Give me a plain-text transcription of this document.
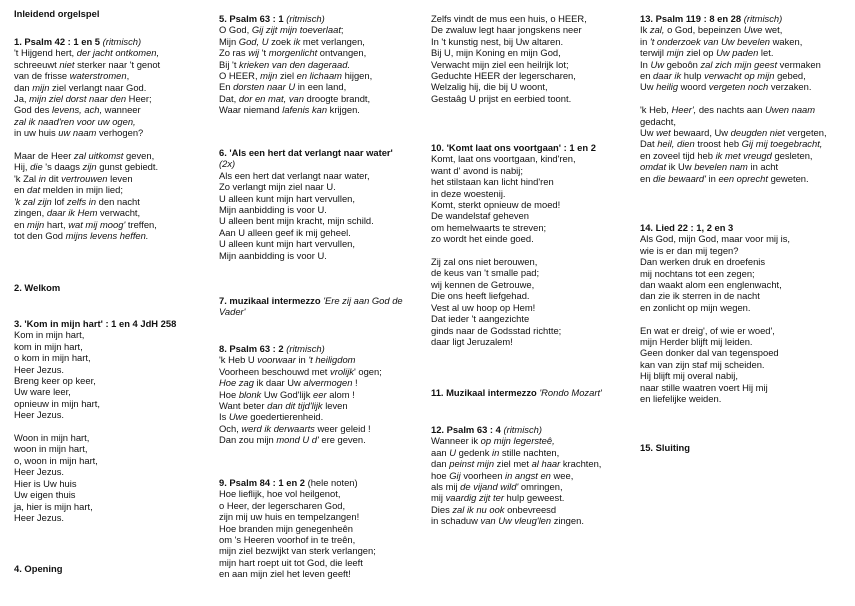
Inleidend orgelspel
1. Psalm 42 : 1 en 5 (ritmisch)
't Hijgend hert, der jacht ontkomen,
schreeuwt niet sterker naar 't genot
van de frisse waterstromen,
dan mijn ziel verlangt naar God.
Ja, mijn ziel dorst naar den Heer;
God des levens, ach, wanneer
zal ik naad'ren voor uw ogen,
in uw huis uw naam verhogen?

Maar de Heer zal uitkomst geven,
Hij, die 's daags zijn gunst gebiedt.
'k Zal in dit vertrouwen leven
en dat melden in mijn lied;
'k zal zijn lof zelfs in den nacht
zingen, daar ik Hem verwacht,
en mijn hart, wat mij moog' treffen,
tot den God mijns levens heffen.
2. Welkom
3. 'Kom in mijn hart' : 1 en 4 JdH 258
Kom in mijn hart,
kom in mijn hart,
o kom in mijn hart,
Heer Jezus.
Breng keer op keer,
Uw ware leer,
opnieuw in mijn hart,
Heer Jezus.

Woon in mijn hart,
woon in mijn hart,
o, woon in mijn hart,
Heer Jezus.
Hier is Uw huis
Uw eigen thuis
ja, hier is mijn hart,
Heer Jezus.
4. Opening
5. Psalm 63 : 1 (ritmisch)
O God, Gij zijt mijn toeverlaat;
Mijn God, U zoek ik met verlangen,
Zo ras wij 't morgenlicht ontvangen,
Bij 't krieken van den dageraad.
O HEER, mijn ziel en lichaam hijgen,
En dorsten naar U in een land,
Dat, dor en mat, van droogte brandt,
Waar niemand lafenis kan krijgen.
6. 'Als een hert dat verlangt naar water'
(2x)
Als een hert dat verlangt naar water,
Zo verlangt mijn ziel naar U.
U alleen kunt mijn hart vervullen,
Mijn aanbidding is voor U.
U alleen bent mijn kracht, mijn schild.
Aan U alleen geef ik mij geheel.
U alleen kunt mijn hart vervullen,
Mijn aanbidding is voor U.
7. muzikaal intermezzo 'Ere zij aan God de
Vader'
8. Psalm 63 : 2 (ritmisch)
'k Heb U voorwaar in 't heiligdom
Voorheen beschouwd met vrolijk' ogen;
Hoe zag ik daar Uw alvermogen !
Hoe blonk Uw God'lijk eer alom !
Want beter dan dit tijd'lijk leven
Is Uwe goedertierenheid.
Och, werd ik derwaarts weer geleid !
Dan zou mijn mond U d' ere geven.
9. Psalm 84 : 1 en 2 (hele noten)
Hoe lieflijk, hoe vol heilgenot,
o Heer, der legerscharen God,
zijn mij uw huis en tempelzangen!
Hoe branden mijn genegenheên
om 's Heeren voorhof in te treên,
mijn ziel bezwijkt van sterk verlangen;
mijn hart roept uit tot God, die leeft
en aan mijn ziel het leven geeft!
Zelfs vindt de mus een huis, o HEER,
De zwaluw legt haar jongskens neer
In 't kunstig nest, bij Uw altaren.
Bij U, mijn Koning en mijn God,
Verwacht mijn ziel een heilrijk lot;
Geduchte HEER der legerscharen,
Welzalig hij, die bij U woont,
Gestaâg U prijst en eerbied toont.
10. 'Komt laat ons voortgaan' : 1 en 2
Komt, laat ons voortgaan, kind'ren,
want d' avond is nabij;
het stilstaan kan licht hind'ren
in deze woestenij.
Komt, sterkt opnieuw de moed!
De wandelstaf geheven
om hemelwaarts te streven;
zo wordt het einde goed.

Zij zal ons niet berouwen,
de keus van 't smalle pad;
wij kennen de Getrouwe,
Die ons heeft liefgehad.
Vest al uw hoop op Hem!
Dat ieder 't aangezichte
ginds naar de Godsstad richtte;
daar ligt Jeruzalem!
11. Muzikaal intermezzo 'Rondo Mozart'
12. Psalm 63 : 4 (ritmisch)
Wanneer ik op mijn legersteê,
aan U gedenk in stille nachten,
dan peinst mijn ziel met al haar krachten,
hoe Gij voorheen in angst en wee,
als mij de vijand wild' omringen,
mij vaardig zijt ter hulp geweest.
Dies zal ik nu ook onbevreesd
in schaduw van Uw vleug'len zingen.
13. Psalm 119 : 8 en 28 (ritmisch)
Ik zal, o God, bepeinzen Uwe wet,
in 't onderzoek van Uw bevelen waken,
terwijl mijn ziel op Uw paden let.
In Uw geboôn zal zich mijn geest vermaken
en daar ik hulp verwacht op mijn gebed,
Uw heilig woord vergeten noch verzaken.

'k Heb, Heer', des nachts aan Uwen naam
gedacht,
Uw wet bewaard, Uw deugden niet vergeten,
Dat heil, dien troost heb Gij mij toegebracht,
en zoveel tijd heb ik met vreugd gesleten,
omdat ik Uw bevelen nam in acht
en die bewaard' in een oprecht geweten.
14. Lied 22 : 1, 2 en 3
Als God, mijn God, maar voor mij is,
wie is er dan mij tegen?
Dan werken druk en droefenis
mij nochtans tot een zegen;
dan waakt alom een englenwacht,
dan zie ik sterren in de nacht
en zonlicht op mijn wegen.

En wat er dreig', of wie er woed',
mijn Herder blijft mij leiden.
Geen donker dal van tegenspoed
kan van zijn staf mij scheiden.
Hij blijft mij overal nabij,
naar stille waatren voert Hij mij
en liefelijke weiden.
15. Sluiting
